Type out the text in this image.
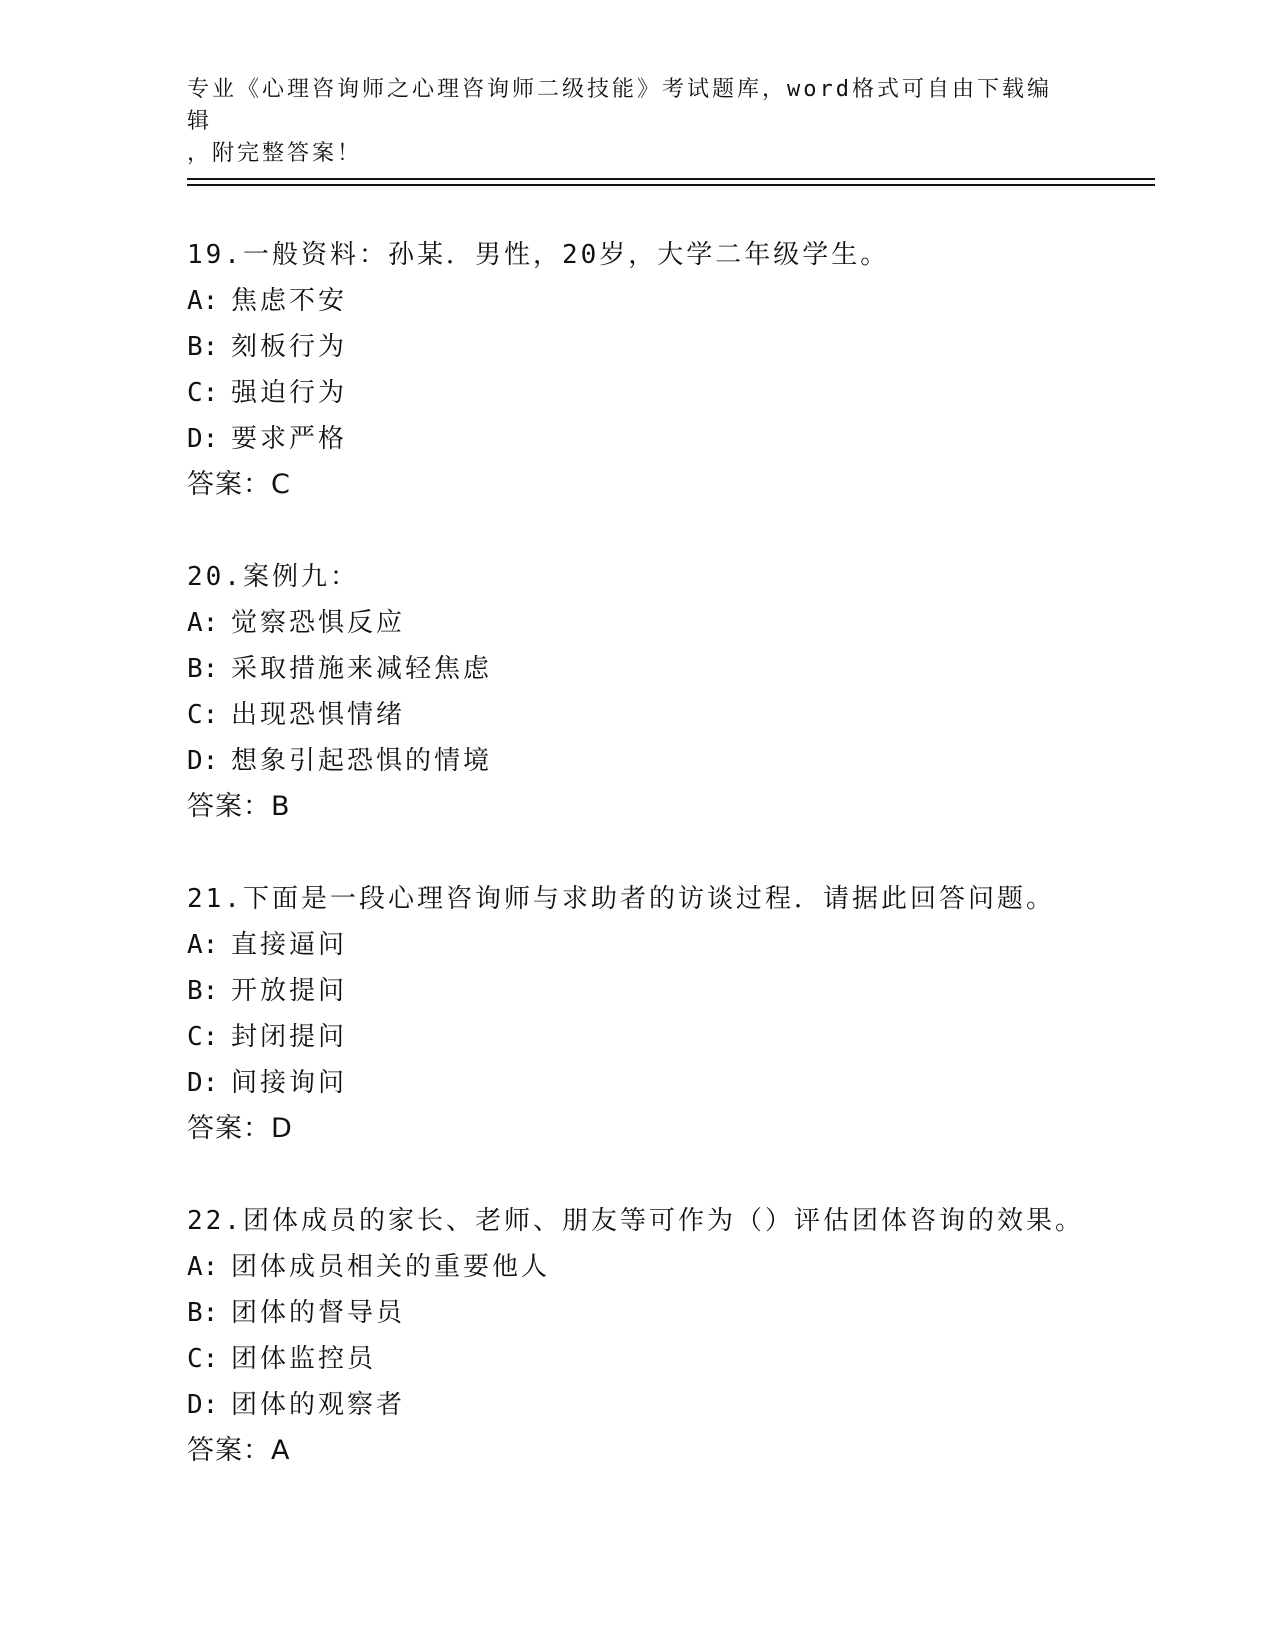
专业《心理咨询师之心理咨询师二级技能》考试题库，word格式可自由下载编辑
，附完整答案！
19.一般资料：孙某．男性，20岁，大学二年级学生。
A: 焦虑不安
B: 刻板行为
C: 强迫行为
D: 要求严格
答案：C
20.案例九：
A: 觉察恐惧反应
B: 采取措施来减轻焦虑
C: 出现恐惧情绪
D: 想象引起恐惧的情境
答案：B
21.下面是一段心理咨询师与求助者的访谈过程．请据此回答问题。
A: 直接逼问
B: 开放提问
C: 封闭提问
D: 间接询问
答案：D
22.团体成员的家长、老师、朋友等可作为（）评估团体咨询的效果。
A: 团体成员相关的重要他人
B: 团体的督导员
C: 团体监控员
D: 团体的观察者
答案：A
